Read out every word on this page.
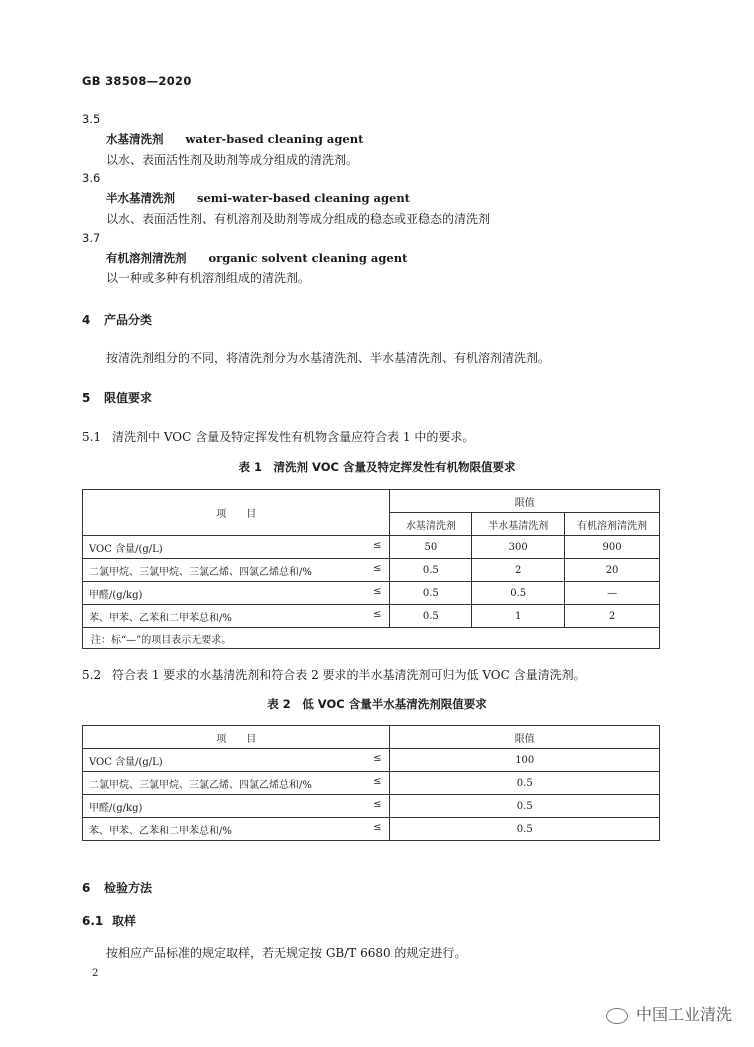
GB 38508—2020
3.5
水基清洗剂 water-based cleaning agent
以水、表面活性剂及助剂等成分组成的清洗剂。
3.6
半水基清洗剂 semi-water-based cleaning agent
以水、表面活性剂、有机溶剂及助剂等成分组成的稳态或亚稳态的清洗剂
3.7
有机溶剂清洗剂 organic solvent cleaning agent
以一种或多种有机溶剂组成的清洗剂。
4 产品分类
按清洗剂组分的不同，将清洗剂分为水基清洗剂、半水基清洗剂、有机溶剂清洗剂。
5 限值要求
5.1 清洗剂中 VOC 含量及特定挥发性有机物含量应符合表 1 中的要求。
表 1　清洗剂 VOC 含量及特定挥发性有机物限值要求
项　　目	限值		
	水基清洗剂	半水基清洗剂	有机溶剂清洗剂
VOC 含量/(g/L) ≤	50	300	900
二氯甲烷、三氯甲烷、三氯乙烯、四氯乙烯总和/% ≤	0.5	2	20
甲醛/(g/kg) ≤	0.5	0.5	—
苯、甲苯、乙苯和二甲苯总和/% ≤	0.5	1	2
注：标“—”的项目表示无要求。			
5.2 符合表 1 要求的水基清洗剂和符合表 2 要求的半水基清洗剂可归为低 VOC 含量清洗剂。
表 2　低 VOC 含量半水基清洗剂限值要求
项　　目	限值
VOC 含量/(g/L) ≤	100
二氯甲烷、三氯甲烷、三氯乙烯、四氯乙烯总和/% ≤	0.5
甲醛/(g/kg) ≤	0.5
苯、甲苯、乙苯和二甲苯总和/% ≤	0.5
6 检验方法
6.1 取样
按相应产品标准的规定取样，若无规定按 GB/T 6680 的规定进行。
2
中国工业清洗
